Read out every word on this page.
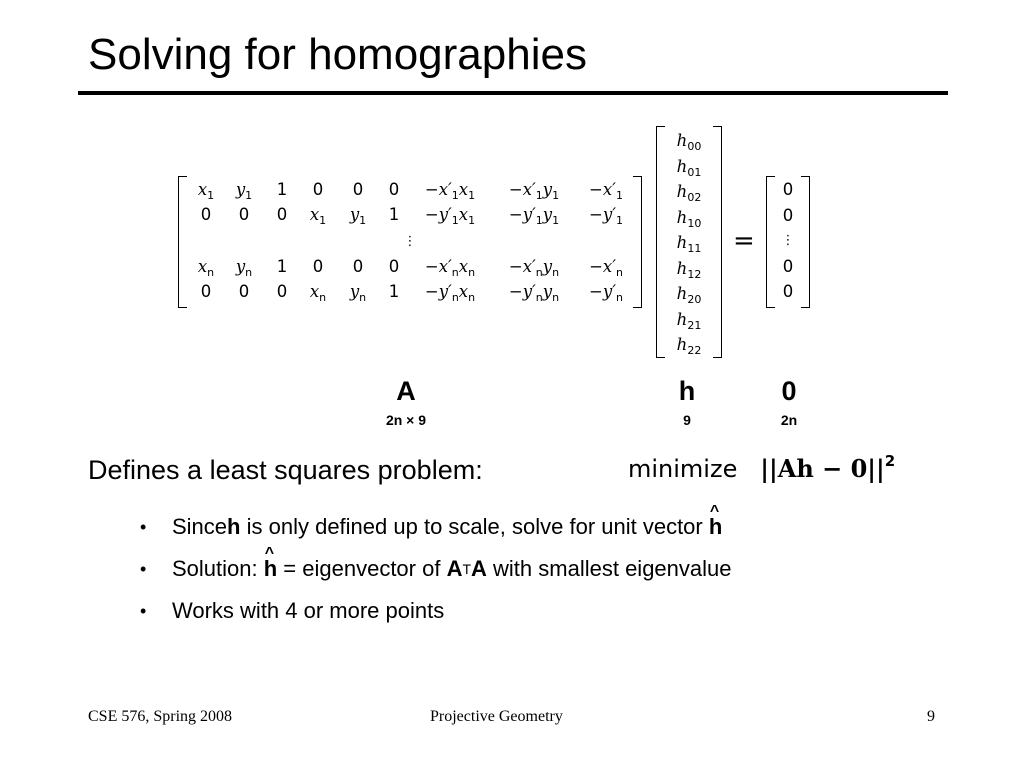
Solving for homographies
$x_1$ $y_1$ 1 0 0 $0 -x'_1x_1 -x'_1y_1 -x'_1$
0 0 0 $x_1$ $y_1$ $1 -y'_1x_1 -y'_1y_1 -y'_1$
⋮
$x_n$ $y_n$ 1 0 0 $0 -x'_nx_n -x'_ny_n -x'_n$
0 0 0 $x_n$ $y_n$ $1 -y'_nx_n -y'_ny_n -y'_n$
$h_{00}$
$h_{01}$
$h_{02}$
$h_{10}$
$h_{11}$
$h_{12}$
$h_{20}$
$h_{21}$
$h_{22}$
=
0
0
⋮
0
0
A
2n × 9
h
9
0
2n
Defines a least squares problem:	minimize $||Ah - 0||^2$
•	Since h is only defined up to scale, solve for unit vector ^ h
•	Solution: ^ h = eigenvector of A T A with smallest eigenvalue
•	Works with 4 or more points
CSE 576, Spring 2008	Projective Geometry	9
